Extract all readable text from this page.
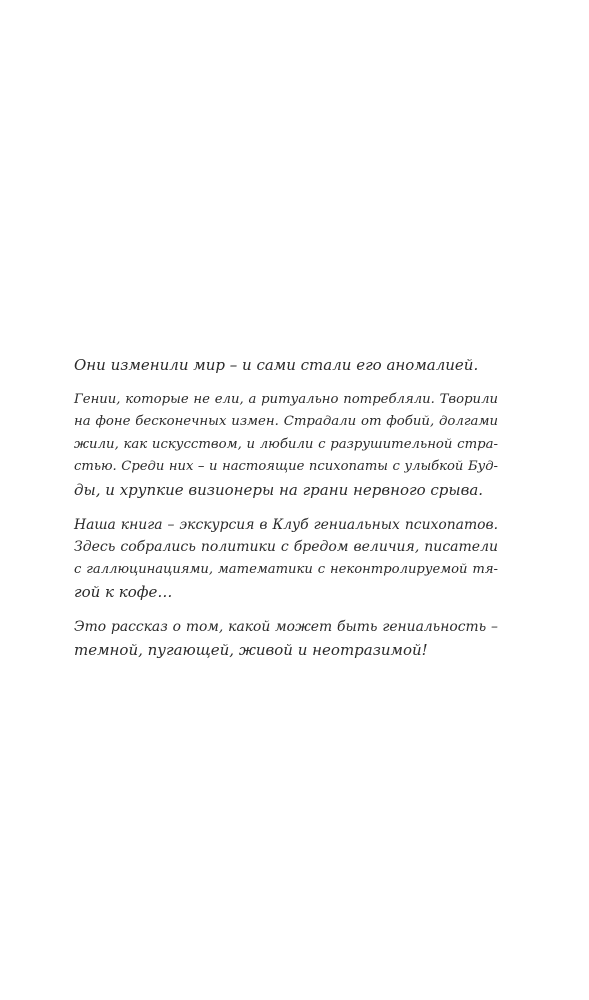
Они изменили мир – и сами стали его аномалией.

Гении, которые не ели, а ритуально потребляли. Творили
на фоне бесконечных измен. Страдали от фобий, долгами
жили, как искусством, и любили с разрушительной стра-
стью. Среди них – и настоящие психопаты с улыбкой Буд-
ды, и хрупкие визионеры на грани нервного срыва.

Наша книга – экскурсия в Клуб гениальных психопатов.
Здесь собрались политики с бредом величия, писатели
с галлюцинациями, математики с неконтролируемой тя-
гой к кофе…

Это рассказ о том, какой может быть гениальность –
темной, пугающей, живой и неотразимой!
